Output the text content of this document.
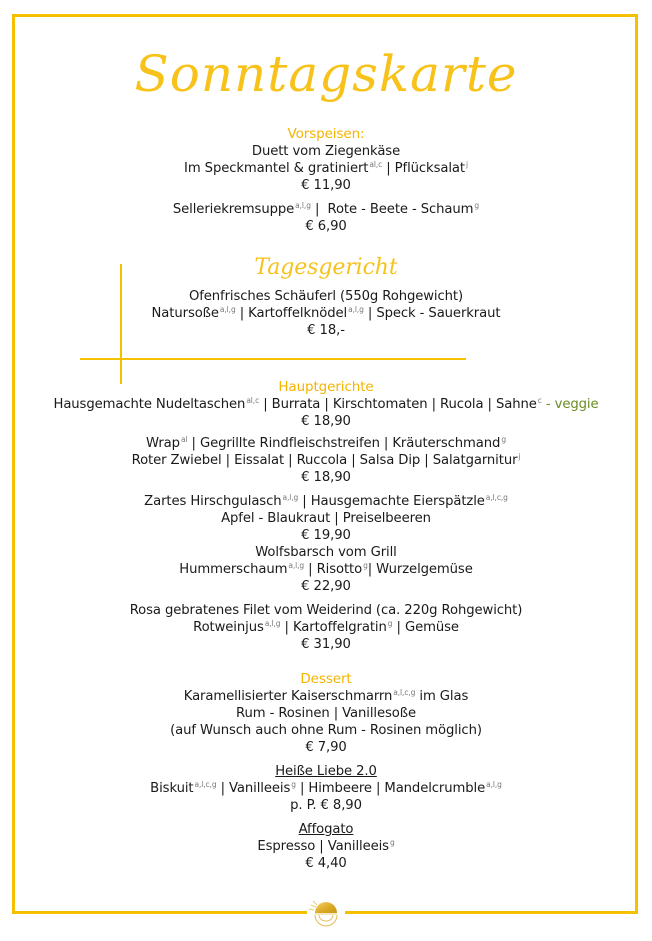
Sonntagskarte
Vorspeisen:
Duett vom Ziegenkäse
Im Speckmantel & gratiniert$^{al,c}$ | Pflücksalat$^j$
€ 11,90
Selleriekremsuppe$^{a,l,g}$ |  Rote - Beete - Schaum$^g$
€ 6,90
Tagesgericht
Ofenfrisches Schäuferl (550g Rohgewicht)
Natursoße$^{a,l,g}$ | Kartoffelknödel$^{a,l,g}$ | Speck - Sauerkraut
€ 18,-
Hauptgerichte
Hausgemachte Nudeltaschen$^{al,c}$ | Burrata | Kirschtomaten | Rucola | Sahne$^c$ - veggie
€ 18,90
Wrap$^{al}$ | Gegrillte Rindfleischstreifen | Kräuterschmand$^g$
Roter Zwiebel | Eissalat | Ruccola | Salsa Dip | Salatgarnitur$^j$
€ 18,90
Zartes Hirschgulasch$^{a,l,g}$ | Hausgemachte Eierspätzle$^{a,l,c,g}$
Apfel - Blaukraut | Preiselbeeren
€ 19,90
Wolfsbarsch vom Grill
Hummerschaum$^{a,l,g}$ | Risotto$^g$| Wurzelgemüse
€ 22,90
Rosa gebratenes Filet vom Weiderind (ca. 220g Rohgewicht)
Rotweinjus$^{a,l,g}$ | Kartoffelgratin$^g$ | Gemüse
€ 31,90
Dessert
Karamellisierter Kaiserschmarrn$^{a,l,c,g}$ im Glas
Rum - Rosinen | Vanillesoße
(auf Wunsch auch ohne Rum - Rosinen möglich)
€ 7,90
Heiße Liebe 2.0
Biskuit$^{a,l,c,g}$ | Vanilleeis$^g$ | Himbeere | Mandelcrumble$^{a,l,g}$
p. P. € 8,90
Affogato
Espresso | Vanilleeis$^g$
€ 4,40
